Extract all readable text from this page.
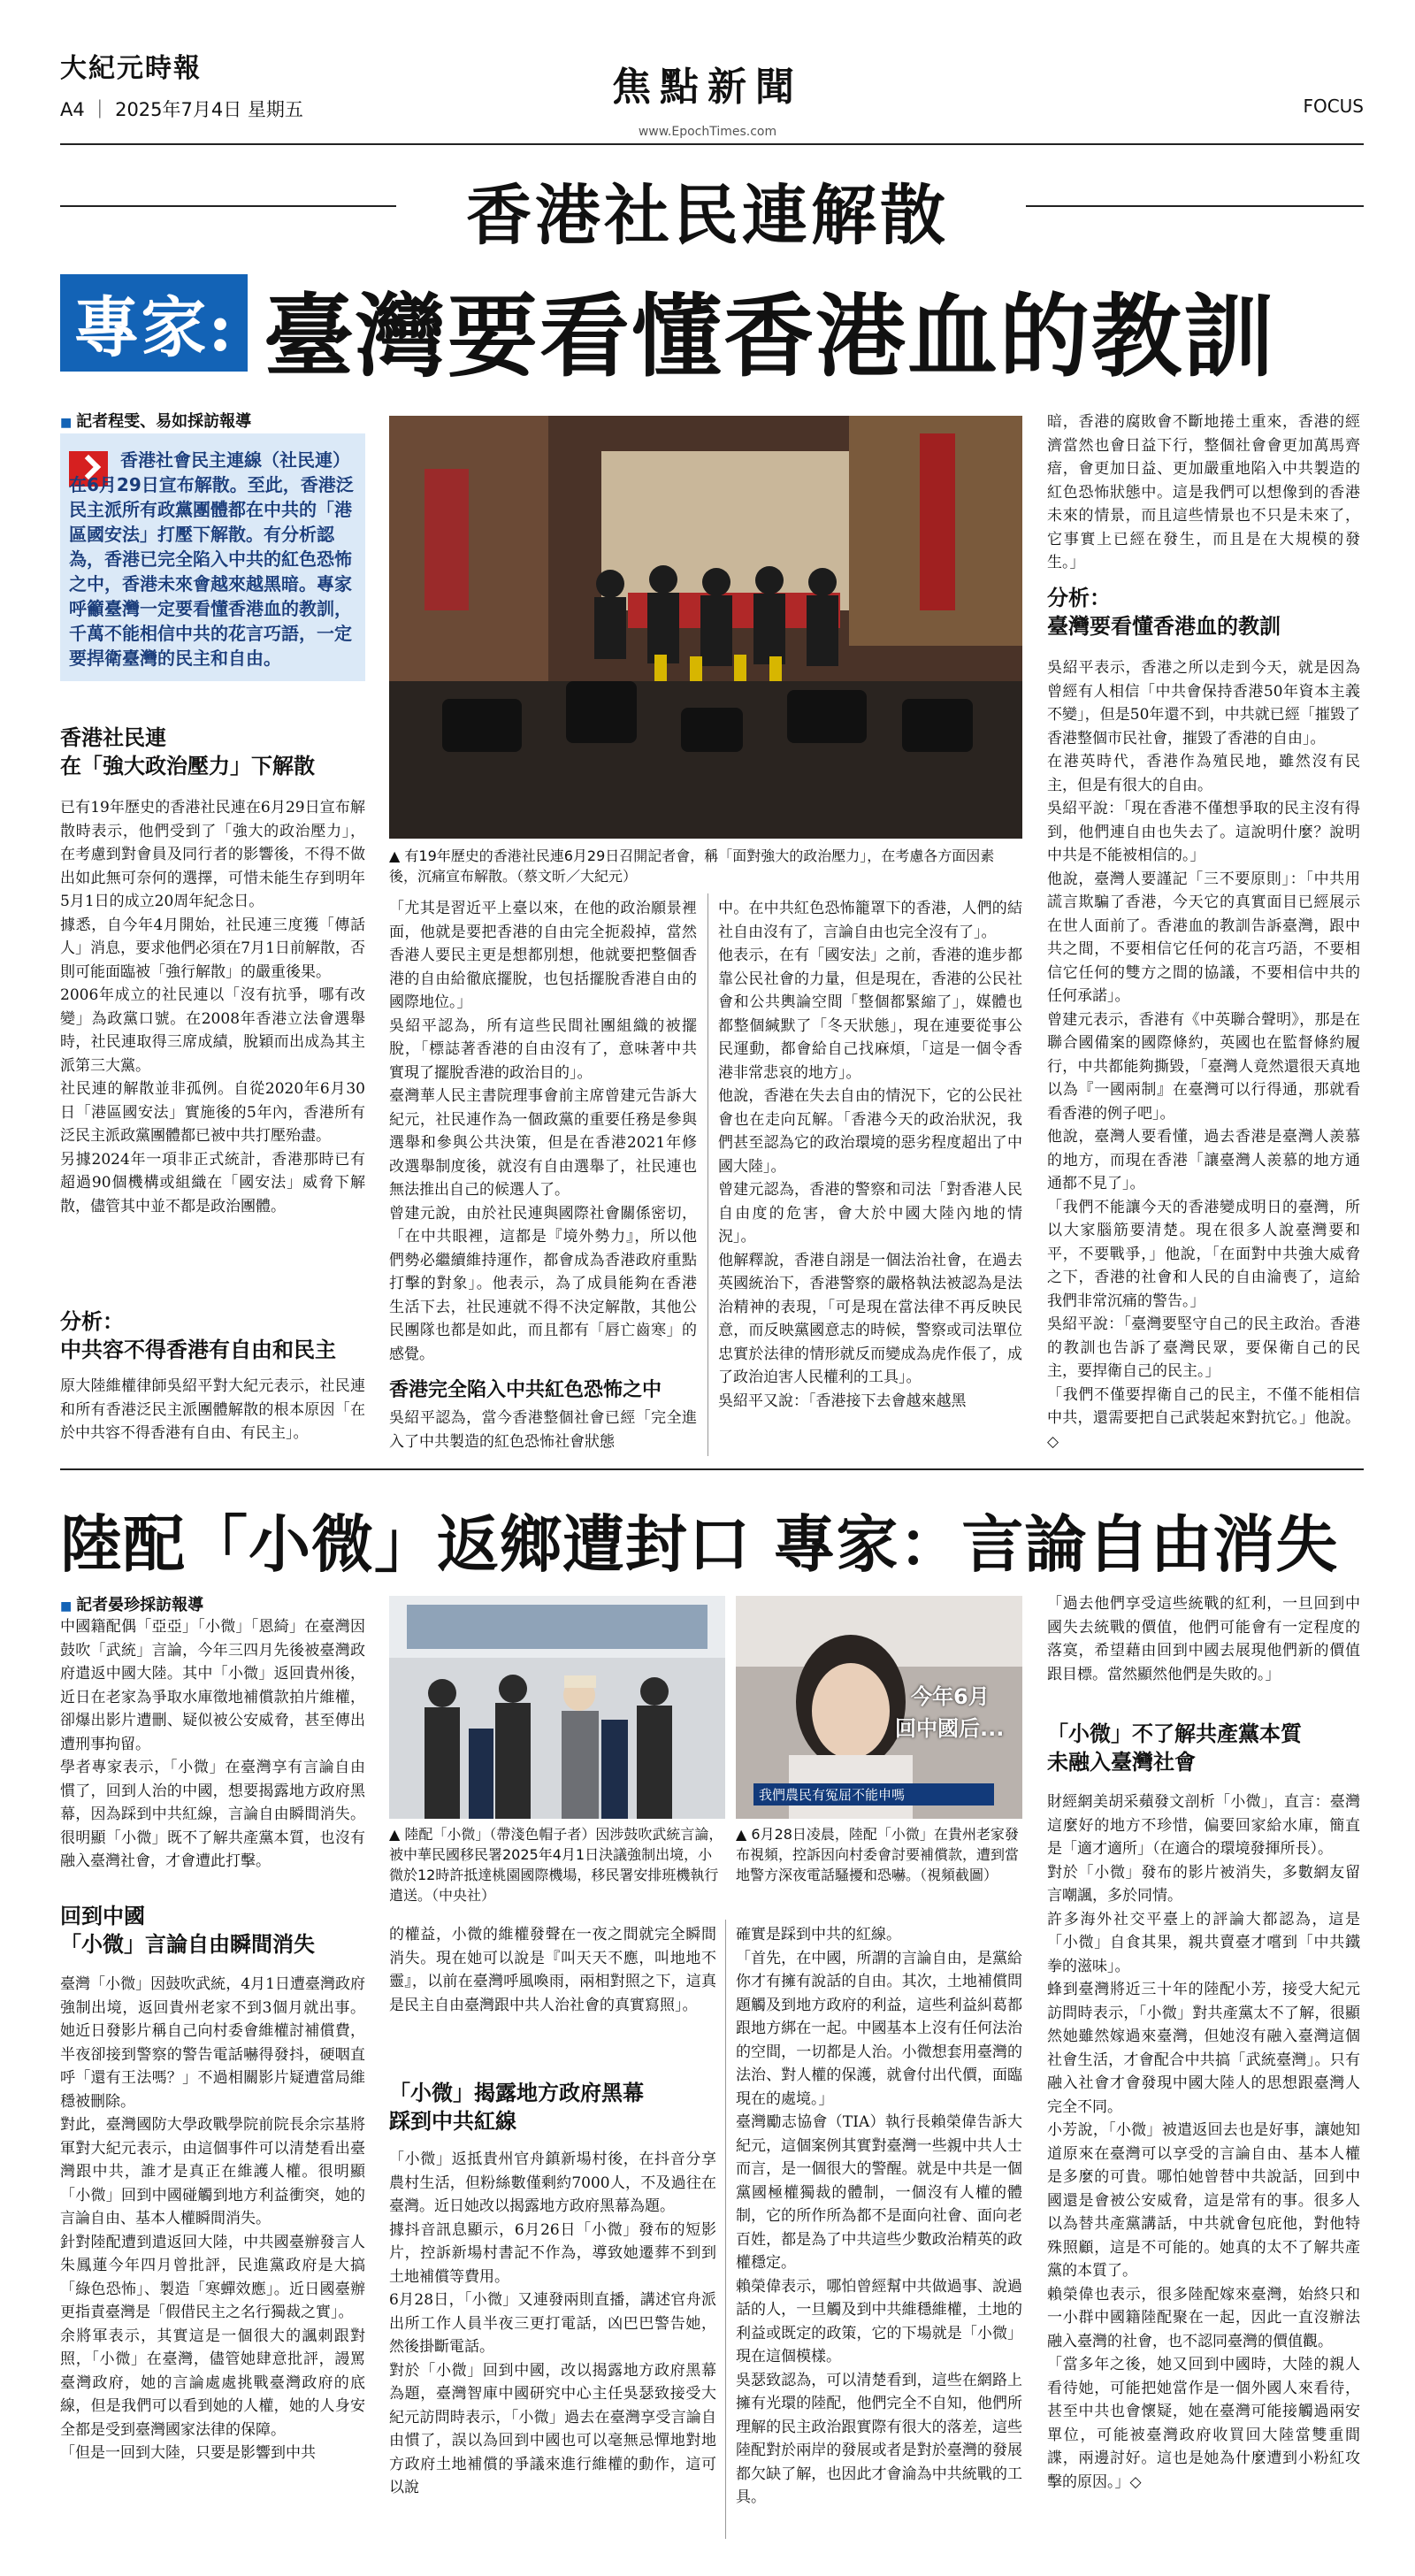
大紀元時報
A4 ｜ 2025年7月4日 星期五	焦點新聞
www.EpochTimes.com
FOCUS
香港社民連解散
專家: 臺灣要看懂香港血的教訓
■ 記者程雯、易如採訪報導
香港社會民主連線（社民連）在6月29日宣布解散。至此，香港泛民主派所有政黨團體都在中共的「港區國安法」打壓下解散。有分析認為，香港已完全陷入中共的紅色恐怖之中，香港未來會越來越黑暗。專家呼籲臺灣一定要看懂香港血的教訓，千萬不能相信中共的花言巧語，一定要捍衛臺灣的民主和自由。
香港社民連
在「強大政治壓力」下解散
已有19年歷史的香港社民連在6月29日宣布解散時表示，他們受到了「強大的政治壓力」，在考慮到對會員及同行者的影響後，不得不做出如此無可奈何的選擇，可惜未能生存到明年5月1日的成立20周年紀念日。
據悉，自今年4月開始，社民連三度獲「傳話人」消息，要求他們必須在7月1日前解散，否則可能面臨被「強行解散」的嚴重後果。
2006年成立的社民連以「沒有抗爭，哪有改變」為政黨口號。在2008年香港立法會選舉時，社民連取得三席成績，脫穎而出成為其主派第三大黨。
社民連的解散並非孤例。自從2020年6月30日「港區國安法」實施後的5年內，香港所有泛民主派政黨團體都已被中共打壓殆盡。
另據2024年一項非正式統計，香港那時已有超過90個機構或組織在「國安法」威脅下解散，儘管其中並不都是政治團體。
分析：
中共容不得香港有自由和民主
原大陸維權律師吳紹平對大紀元表示，社民連和所有香港泛民主派團體解散的根本原因「在於中共容不得香港有自由、有民主」。
▲ 有19年歷史的香港社民連6月29日召開記者會，稱「面對強大的政治壓力」，在考慮各方面因素後，沉痛宣布解散。（蔡文昕／大紀元）
「尤其是習近平上臺以來，在他的政治願景裡面，他就是要把香港的自由完全扼殺掉，當然香港人要民主更是想都別想，他就要把整個香港的自由給徹底擺脫，也包括擺脫香港自由的國際地位。」
吳紹平認為，所有這些民間社團組織的被擺脫，「標誌著香港的自由沒有了，意味著中共實現了擺脫香港的政治目的」。
臺灣華人民主書院理事會前主席曾建元告訴大紀元，社民連作為一個政黨的重要任務是參與選舉和參與公共決策，但是在香港2021年修改選舉制度後，就沒有自由選舉了，社民連也無法推出自己的候選人了。
曾建元說，由於社民連與國際社會關係密切，「在中共眼裡，這都是『境外勢力』，所以他們勢必繼續維持運作，都會成為香港政府重點打擊的對象」。他表示，為了成員能夠在香港生活下去，社民連就不得不決定解散，其他公民團隊也都是如此，而且都有「唇亡齒寒」的感覺。
香港完全陷入中共紅色恐怖之中
吳紹平認為，當今香港整個社會已經「完全進入了中共製造的紅色恐怖社會狀態
中。在中共紅色恐怖籠罩下的香港，人們的結社自由沒有了，言論自由也完全沒有了」。
他表示，在有「國安法」之前，香港的進步都靠公民社會的力量，但是現在，香港的公民社會和公共輿論空間「整個都緊縮了」，媒體也都整個緘默了「冬天狀態」，現在連要從事公民運動，都會給自己找麻煩，「這是一個令香港非常悲哀的地方」。
他說，香港在失去自由的情況下，它的公民社會也在走向瓦解。「香港今天的政治狀況，我們甚至認為它的政治環境的惡劣程度超出了中國大陸」。
曾建元認為，香港的警察和司法「對香港人民自由度的危害，會大於中國大陸內地的情況」。
他解釋說，香港自詡是一個法治社會，在過去英國統治下，香港警察的嚴格執法被認為是法治精神的表現，「可是現在當法律不再反映民意，而反映黨國意志的時候，警察或司法單位忠實於法律的情形就反而變成為虎作倀了，成了政治迫害人民權利的工具」。
吳紹平又說：「香港接下去會越來越黑
暗，香港的腐敗會不斷地捲土重來，香港的經濟當然也會日益下行，整個社會會更加萬馬齊瘖，會更加日益、更加嚴重地陷入中共製造的紅色恐怖狀態中。這是我們可以想像到的香港未來的情景，而且這些情景也不只是未來了，它事實上已經在發生，而且是在大規模的發生。」
分析：
臺灣要看懂香港血的教訓
吳紹平表示，香港之所以走到今天，就是因為曾經有人相信「中共會保持香港50年資本主義不變」，但是50年還不到，中共就已經「摧毀了香港整個市民社會，摧毀了香港的自由」。
在港英時代，香港作為殖民地，雖然沒有民主，但是有很大的自由。
吳紹平說：「現在香港不僅想爭取的民主沒有得到，他們連自由也失去了。這說明什麼？說明中共是不能被相信的。」
他說，臺灣人要謹記「三不要原則」：「中共用謊言欺騙了香港，今天它的真實面目已經展示在世人面前了。香港血的教訓告訴臺灣，跟中共之間，不要相信它任何的花言巧語，不要相信它任何的雙方之間的協議，不要相信中共的任何承諾」。
曾建元表示，香港有《中英聯合聲明》，那是在聯合國備案的國際條約，英國也在監督條約履行，中共都能夠撕毀，「臺灣人竟然還很天真地以為『一國兩制』在臺灣可以行得通，那就看看香港的例子吧」。
他說，臺灣人要看懂，過去香港是臺灣人羨慕的地方，而現在香港「讓臺灣人羨慕的地方通通都不見了」。
「我們不能讓今天的香港變成明日的臺灣，所以大家腦筋要清楚。現在很多人說臺灣要和平，不要戰爭，」他說，「在面對中共強大威脅之下，香港的社會和人民的自由淪喪了，這給我們非常沉痛的警告。」
吳紹平說：「臺灣要堅守自己的民主政治。香港的教訓也告訴了臺灣民眾，要保衛自己的民主，要捍衛自己的民主。」
「我們不僅要捍衛自己的民主，不僅不能相信中共，還需要把自己武裝起來對抗它。」他說。◇
陸配「小微」返鄉遭封口 專家：言論自由消失
■ 記者晏珍採訪報導
中國籍配偶「亞亞」「小微」「恩綺」在臺灣因鼓吹「武統」言論，今年三四月先後被臺灣政府遣返中國大陸。其中「小微」返回貴州後，近日在老家為爭取水庫徵地補償款拍片維權，卻爆出影片遭刪、疑似被公安威脅，甚至傳出遭刑事拘留。
學者專家表示，「小微」在臺灣享有言論自由慣了，回到人治的中國，想要揭露地方政府黑幕，因為踩到中共紅線，言論自由瞬間消失。很明顯「小微」既不了解共產黨本質，也沒有融入臺灣社會，才會遭此打擊。
回到中國
「小微」言論自由瞬間消失
臺灣「小微」因鼓吹武統，4月1日遭臺灣政府強制出境，返回貴州老家不到3個月就出事。她近日發影片稱自己向村委會維權討補償費，半夜卻接到警察的警告電話嚇得發抖，硬咽直呼「還有王法嗎？」不過相關影片疑遭當局維穩被刪除。
對此，臺灣國防大學政戰學院前院長余宗基將軍對大紀元表示，由這個事件可以清楚看出臺灣跟中共，誰才是真正在維護人權。很明顯「小微」回到中國碰觸到地方利益衝突，她的言論自由、基本人權瞬間消失。
針對陸配遭到遣返回大陸，中共國臺辦發言人朱鳳蓮今年四月曾批評，民進黨政府是大搞「綠色恐怖」、製造「寒蟬效應」。近日國臺辦更指責臺灣是「假借民主之名行獨裁之實」。
余將軍表示，其實這是一個很大的諷刺跟對照，「小微」在臺灣，儘管她肆意批評，謾罵臺灣政府，她的言論處處挑戰臺灣政府的底線，但是我們可以看到她的人權，她的人身安全都是受到臺灣國家法律的保障。
「但是一回到大陸，只要是影響到中共
▲ 陸配「小微」（帶淺色帽子者）因涉鼓吹武統言論，被中華民國移民署2025年4月1日決議強制出境，小微於12時許抵達桃園國際機場，移民署安排班機執行遣送。（中央社）
今年6月
回中國后...
我們農民有冤屈不能申嗎
▲ 6月28日凌晨，陸配「小微」在貴州老家發布視頻，控訴因向村委會討要補償款，遭到當地警方深夜電話騷擾和恐嚇。（視頻截圖）
的權益，小微的維權發聲在一夜之間就完全瞬間消失。現在她可以說是『叫天天不應，叫地地不靈』，以前在臺灣呼風喚雨，兩相對照之下，這真是民主自由臺灣跟中共人治社會的真實寫照」。
「小微」揭露地方政府黑幕
踩到中共紅線
「小微」返抵貴州官舟鎮新場村後，在抖音分享農村生活，但粉絲數僅剩約7000人，不及過往在臺灣。近日她改以揭露地方政府黑幕為題。
據抖音訊息顯示，6月26日「小微」發布的短影片，控訴新場村書記不作為，導致她遷葬不到到土地補償等費用。
6月28日，「小微」又連發兩則直播，講述官舟派出所工作人員半夜三更打電話，凶巴巴警告她，然後掛斷電話。
對於「小微」回到中國，改以揭露地方政府黑幕為題，臺灣智庫中國研究中心主任吳瑟致接受大紀元訪問時表示，「小微」過去在臺灣享受言論自由慣了，誤以為回到中國也可以毫無忌憚地對地方政府土地補償的爭議來進行維權的動作，這可以說
確實是踩到中共的紅線。
「首先，在中國，所謂的言論自由，是黨給你才有擁有說話的自由。其次，土地補償問題觸及到地方政府的利益，這些利益糾葛都跟地方綁在一起。中國基本上沒有任何法治的空間，一切都是人治。小微想套用臺灣的法治、對人權的保護，就會付出代價，面臨現在的處境。」
臺灣勵志協會（TIA）執行長賴榮偉告訴大紀元，這個案例其實對臺灣一些親中共人士而言，是一個很大的警醒。就是中共是一個黨國極權獨裁的體制，一個沒有人權的體制，它的所作所為都不是面向社會、面向老百姓，都是為了中共這些少數政治精英的政權穩定。
賴榮偉表示，哪怕曾經幫中共做過事、說過話的人，一旦觸及到中共維穩維權，土地的利益或既定的政策，它的下場就是「小微」現在這個模樣。
吳瑟致認為，可以清楚看到，這些在網路上擁有光環的陸配，他們完全不自知，他們所理解的民主政治跟實際有很大的落差，這些陸配對於兩岸的發展或者是對於臺灣的發展都欠缺了解，也因此才會淪為中共統戰的工具。
「過去他們享受這些統戰的紅利，一旦回到中國失去統戰的價值，他們可能會有一定程度的落寞，希望藉由回到中國去展現他們新的價值跟目標。當然顯然他們是失敗的。」
「小微」不了解共產黨本質
未融入臺灣社會
財經網美胡采蘋發文剖析「小微」，直言：臺灣這麼好的地方不珍惜，偏要回家給水庫，簡直是「適才適所」（在適合的環境發揮所長）。
對於「小微」發布的影片被消失，多數網友留言嘲諷，多於同情。
許多海外社交平臺上的評論大都認為，這是「小微」自食其果，親共賣臺才嚐到「中共鐵拳的滋味」。
蜂到臺灣將近三十年的陸配小芳，接受大紀元訪問時表示，「小微」對共產黨太不了解，很顯然她雖然嫁過來臺灣，但她沒有融入臺灣這個社會生活，才會配合中共搞「武統臺灣」。只有融入社會才會發現中國大陸人的思想跟臺灣人完全不同。
小芳說，「小微」被遣返回去也是好事，讓她知道原來在臺灣可以享受的言論自由、基本人權是多麼的可貴。哪怕她曾替中共說話，回到中國還是會被公安威脅，這是常有的事。很多人以為替共產黨講話，中共就會包庇他，對他特殊照顧，這是不可能的。她真的太不了解共產黨的本質了。
賴榮偉也表示，很多陸配嫁來臺灣，始終只和一小群中國籍陸配聚在一起，因此一直沒辦法融入臺灣的社會，也不認同臺灣的價值觀。
「當多年之後，她又回到中國時，大陸的親人看待她，可能把她當作是一個外國人來看待，甚至中共也會懷疑，她在臺灣可能接觸過兩安單位，可能被臺灣政府收買回大陸當雙重間諜，兩邊討好。這也是她為什麼遭到小粉紅攻擊的原因。」◇
